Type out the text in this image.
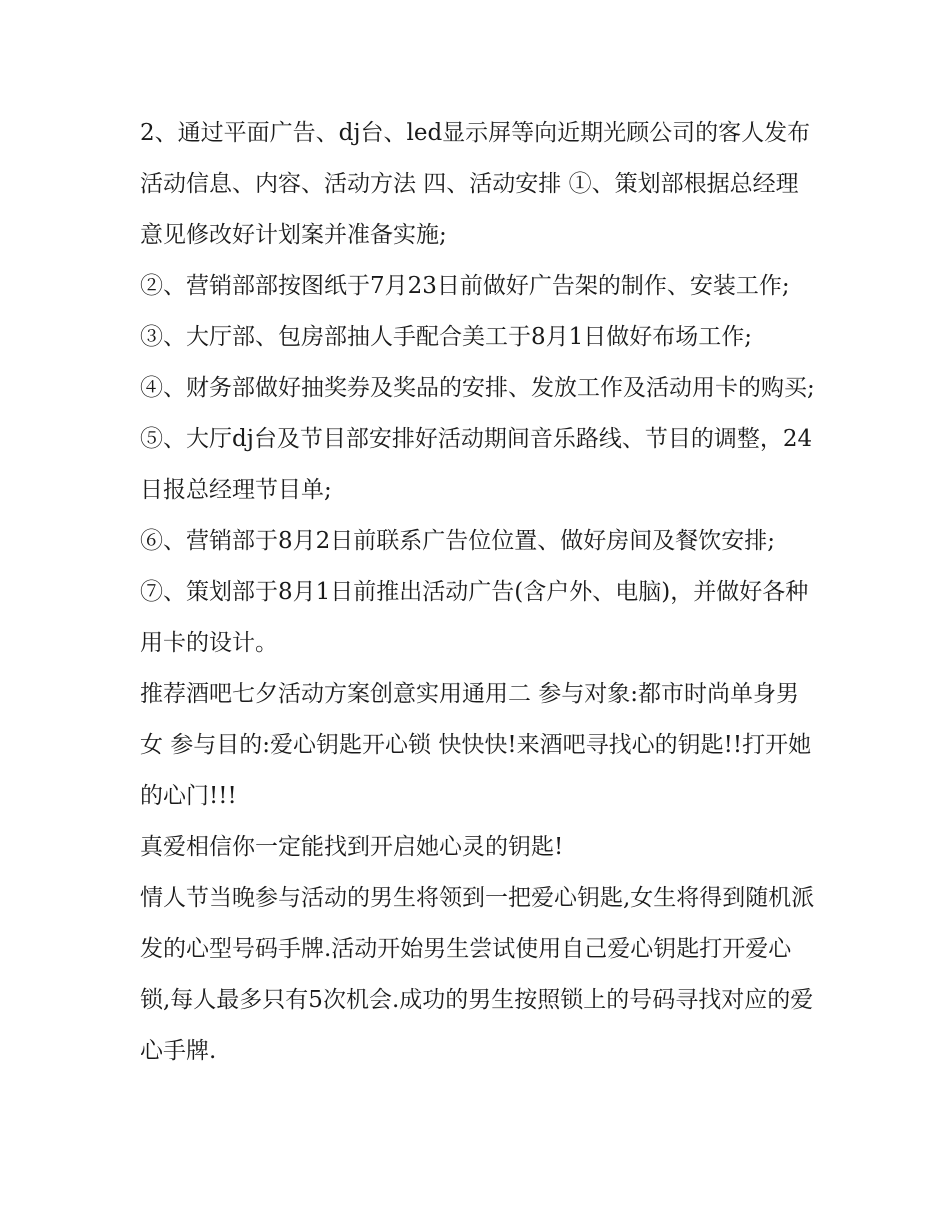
2、通过平面广告、dj台、led显示屏等向近期光顾公司的客人发布活动信息、内容、活动方法 四、活动安排 ①、策划部根据总经理意见修改好计划案并准备实施;

②、营销部部按图纸于7月23日前做好广告架的制作、安装工作; ③、大厅部、包房部抽人手配合美工于8月1日做好布场工作;

④、财务部做好抽奖券及奖品的安排、发放工作及活动用卡的购买; ⑤、大厅dj台及节目部安排好活动期间音乐路线、节目的调整，24日报总经理节目单;

⑥、营销部于8月2日前联系广告位位置、做好房间及餐饮安排; ⑦、策划部于8月1日前推出活动广告(含户外、电脑)，并做好各种用卡的设计。

推荐酒吧七夕活动方案创意实用通用二 参与对象:都市时尚单身男女 参与目的:爱心钥匙开心锁 快快快!来酒吧寻找心的钥匙!!打开她的心门!!!

真爱相信你一定能找到开启她心灵的钥匙!

情人节当晚参与活动的男生将领到一把爱心钥匙,女生将得到随机派发的心型号码手牌.活动开始男生尝试使用自己爱心钥匙打开爱心锁,每人最多只有5次机会.成功的男生按照锁上的号码寻找对应的爱心手牌.
